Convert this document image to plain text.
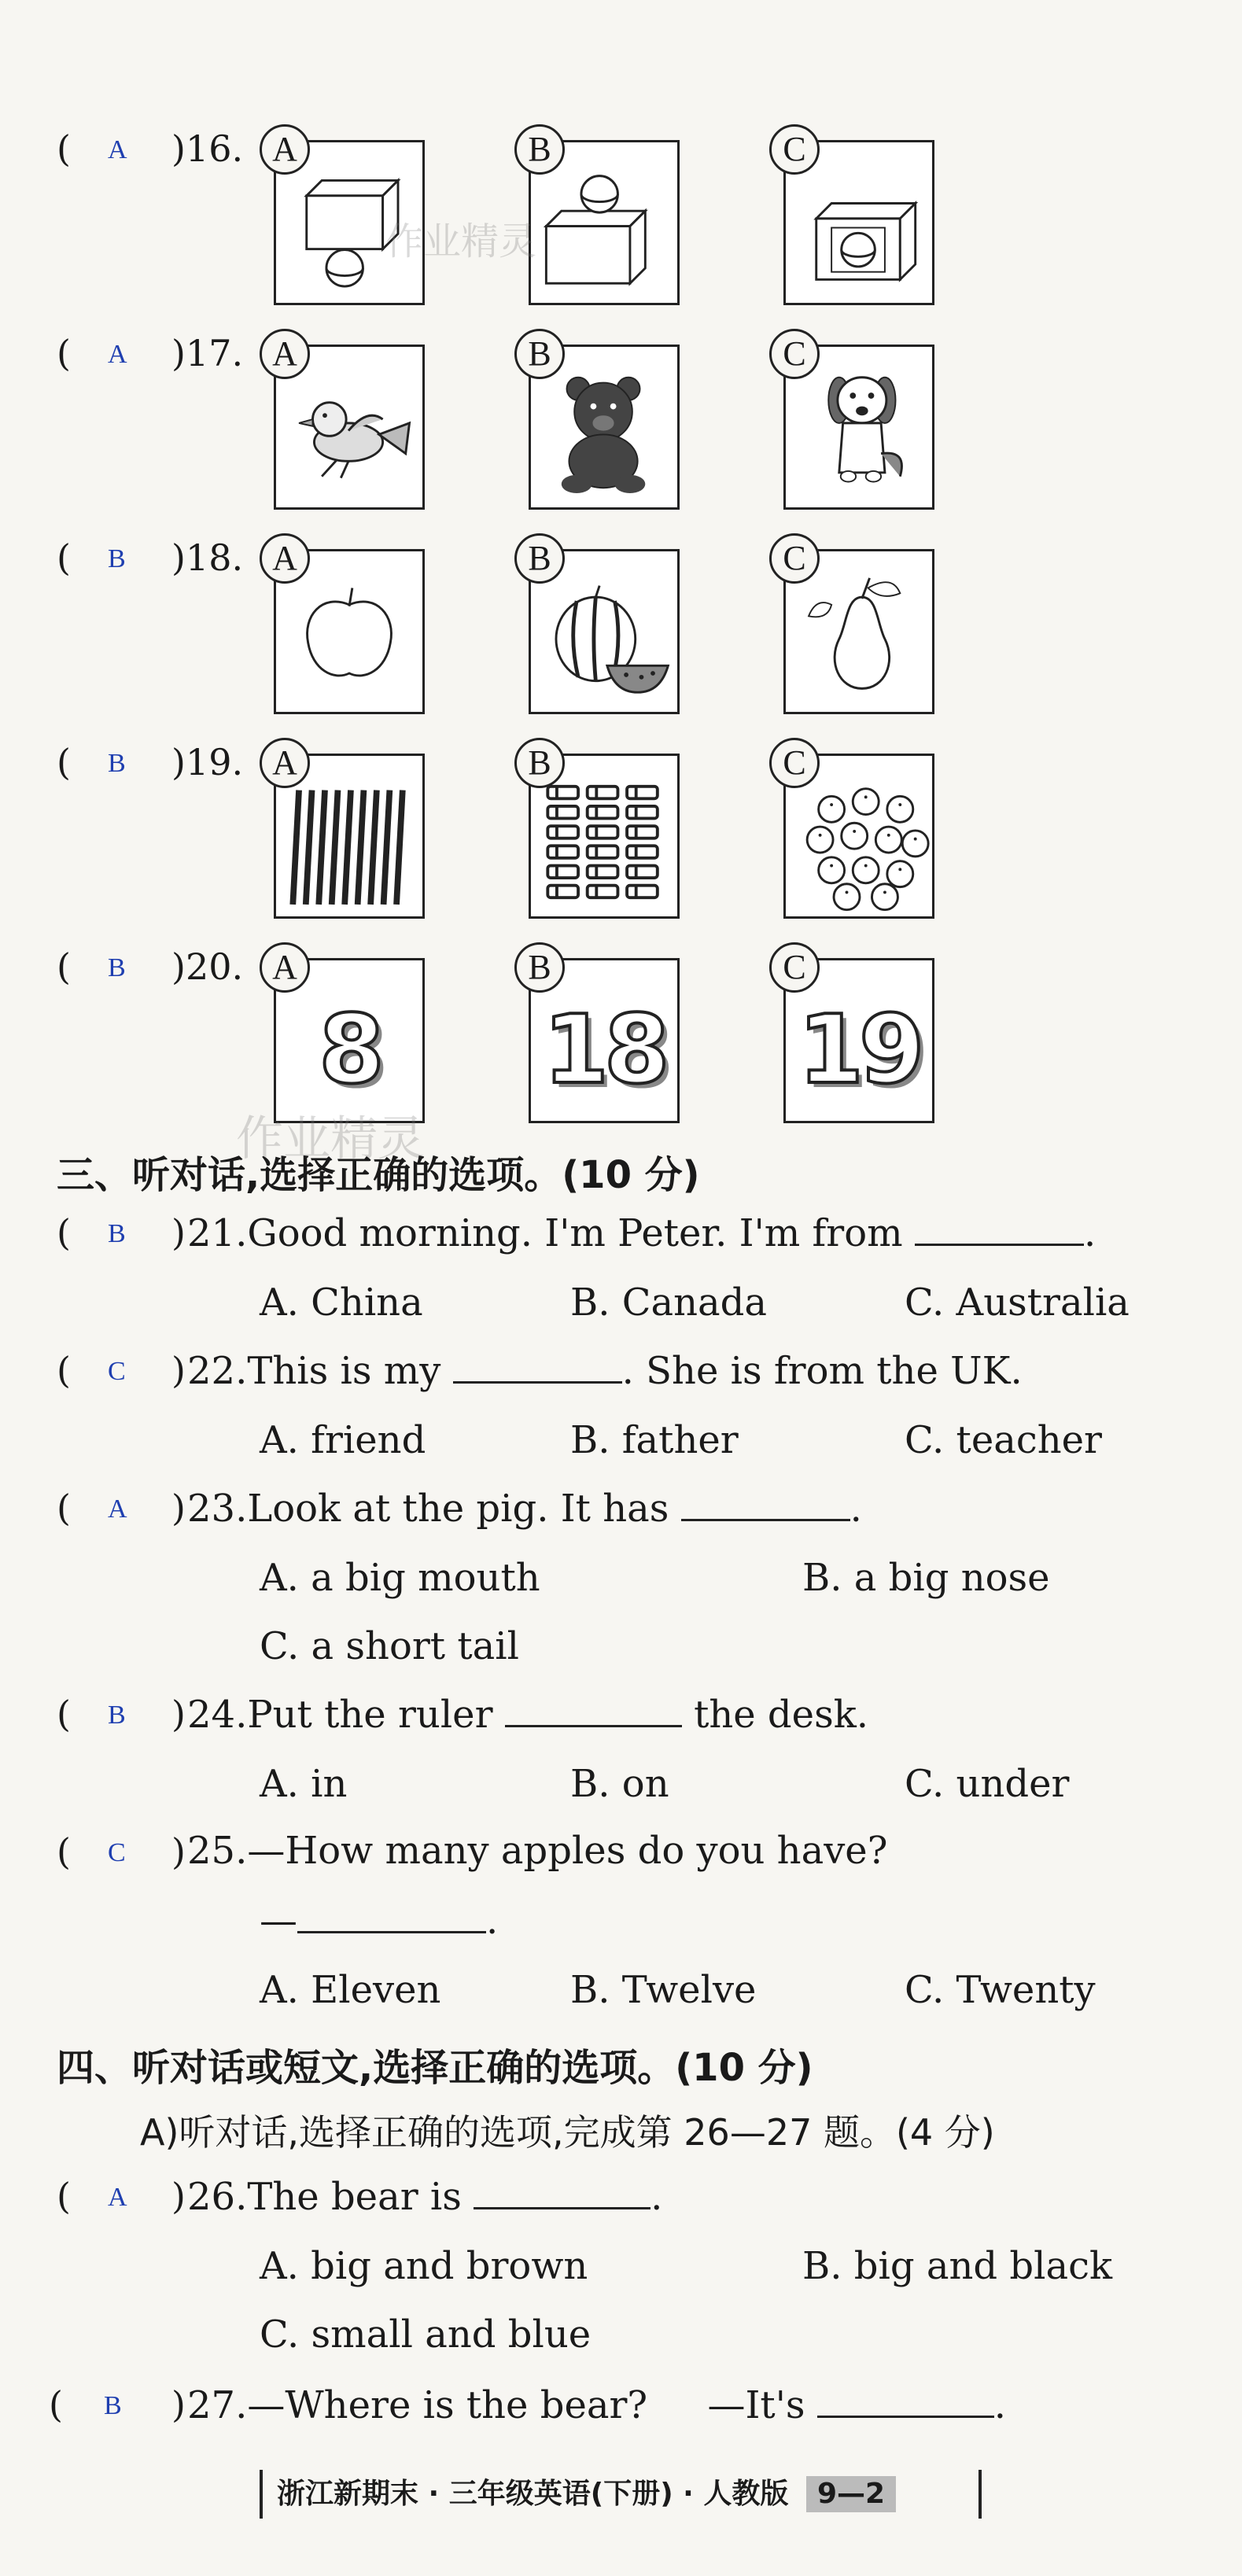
( A )16. A	B	C
( A )17. A	B	C
( B )18. A	B	C
( B )19. A	B	C
( B )20.
8
A
18
B
19
C
作业精灵
作业精灵
三、听对话,选择正确的选项。(10 分)
( B ) 21.Good morning. I'm Peter. I'm from	.
A. China	B. Canada	C. Australia
( C ) 22.This is my	. She is from the UK.
A. friend	B. father	C. teacher
( A ) 23.Look at the pig. It has	.
A. a big mouth	B. a big nose
C. a short tail
( B ) 24.Put the ruler	the desk.
A. in	B. on	C. under
( C ) 25.—How many apples do you have?
—	.
A. Eleven	B. Twelve	C. Twenty
四、听对话或短文,选择正确的选项。(10 分)
A)听对话,选择正确的选项,完成第 26—27 题。(4 分)
( A ) 26.The bear is	.
A. big and brown	B. big and black
C. small and blue
( B ) 27.—Where is the bear?     —It's	.
浙江新期末 · 三年级英语(下册) · 人教版 9—2
